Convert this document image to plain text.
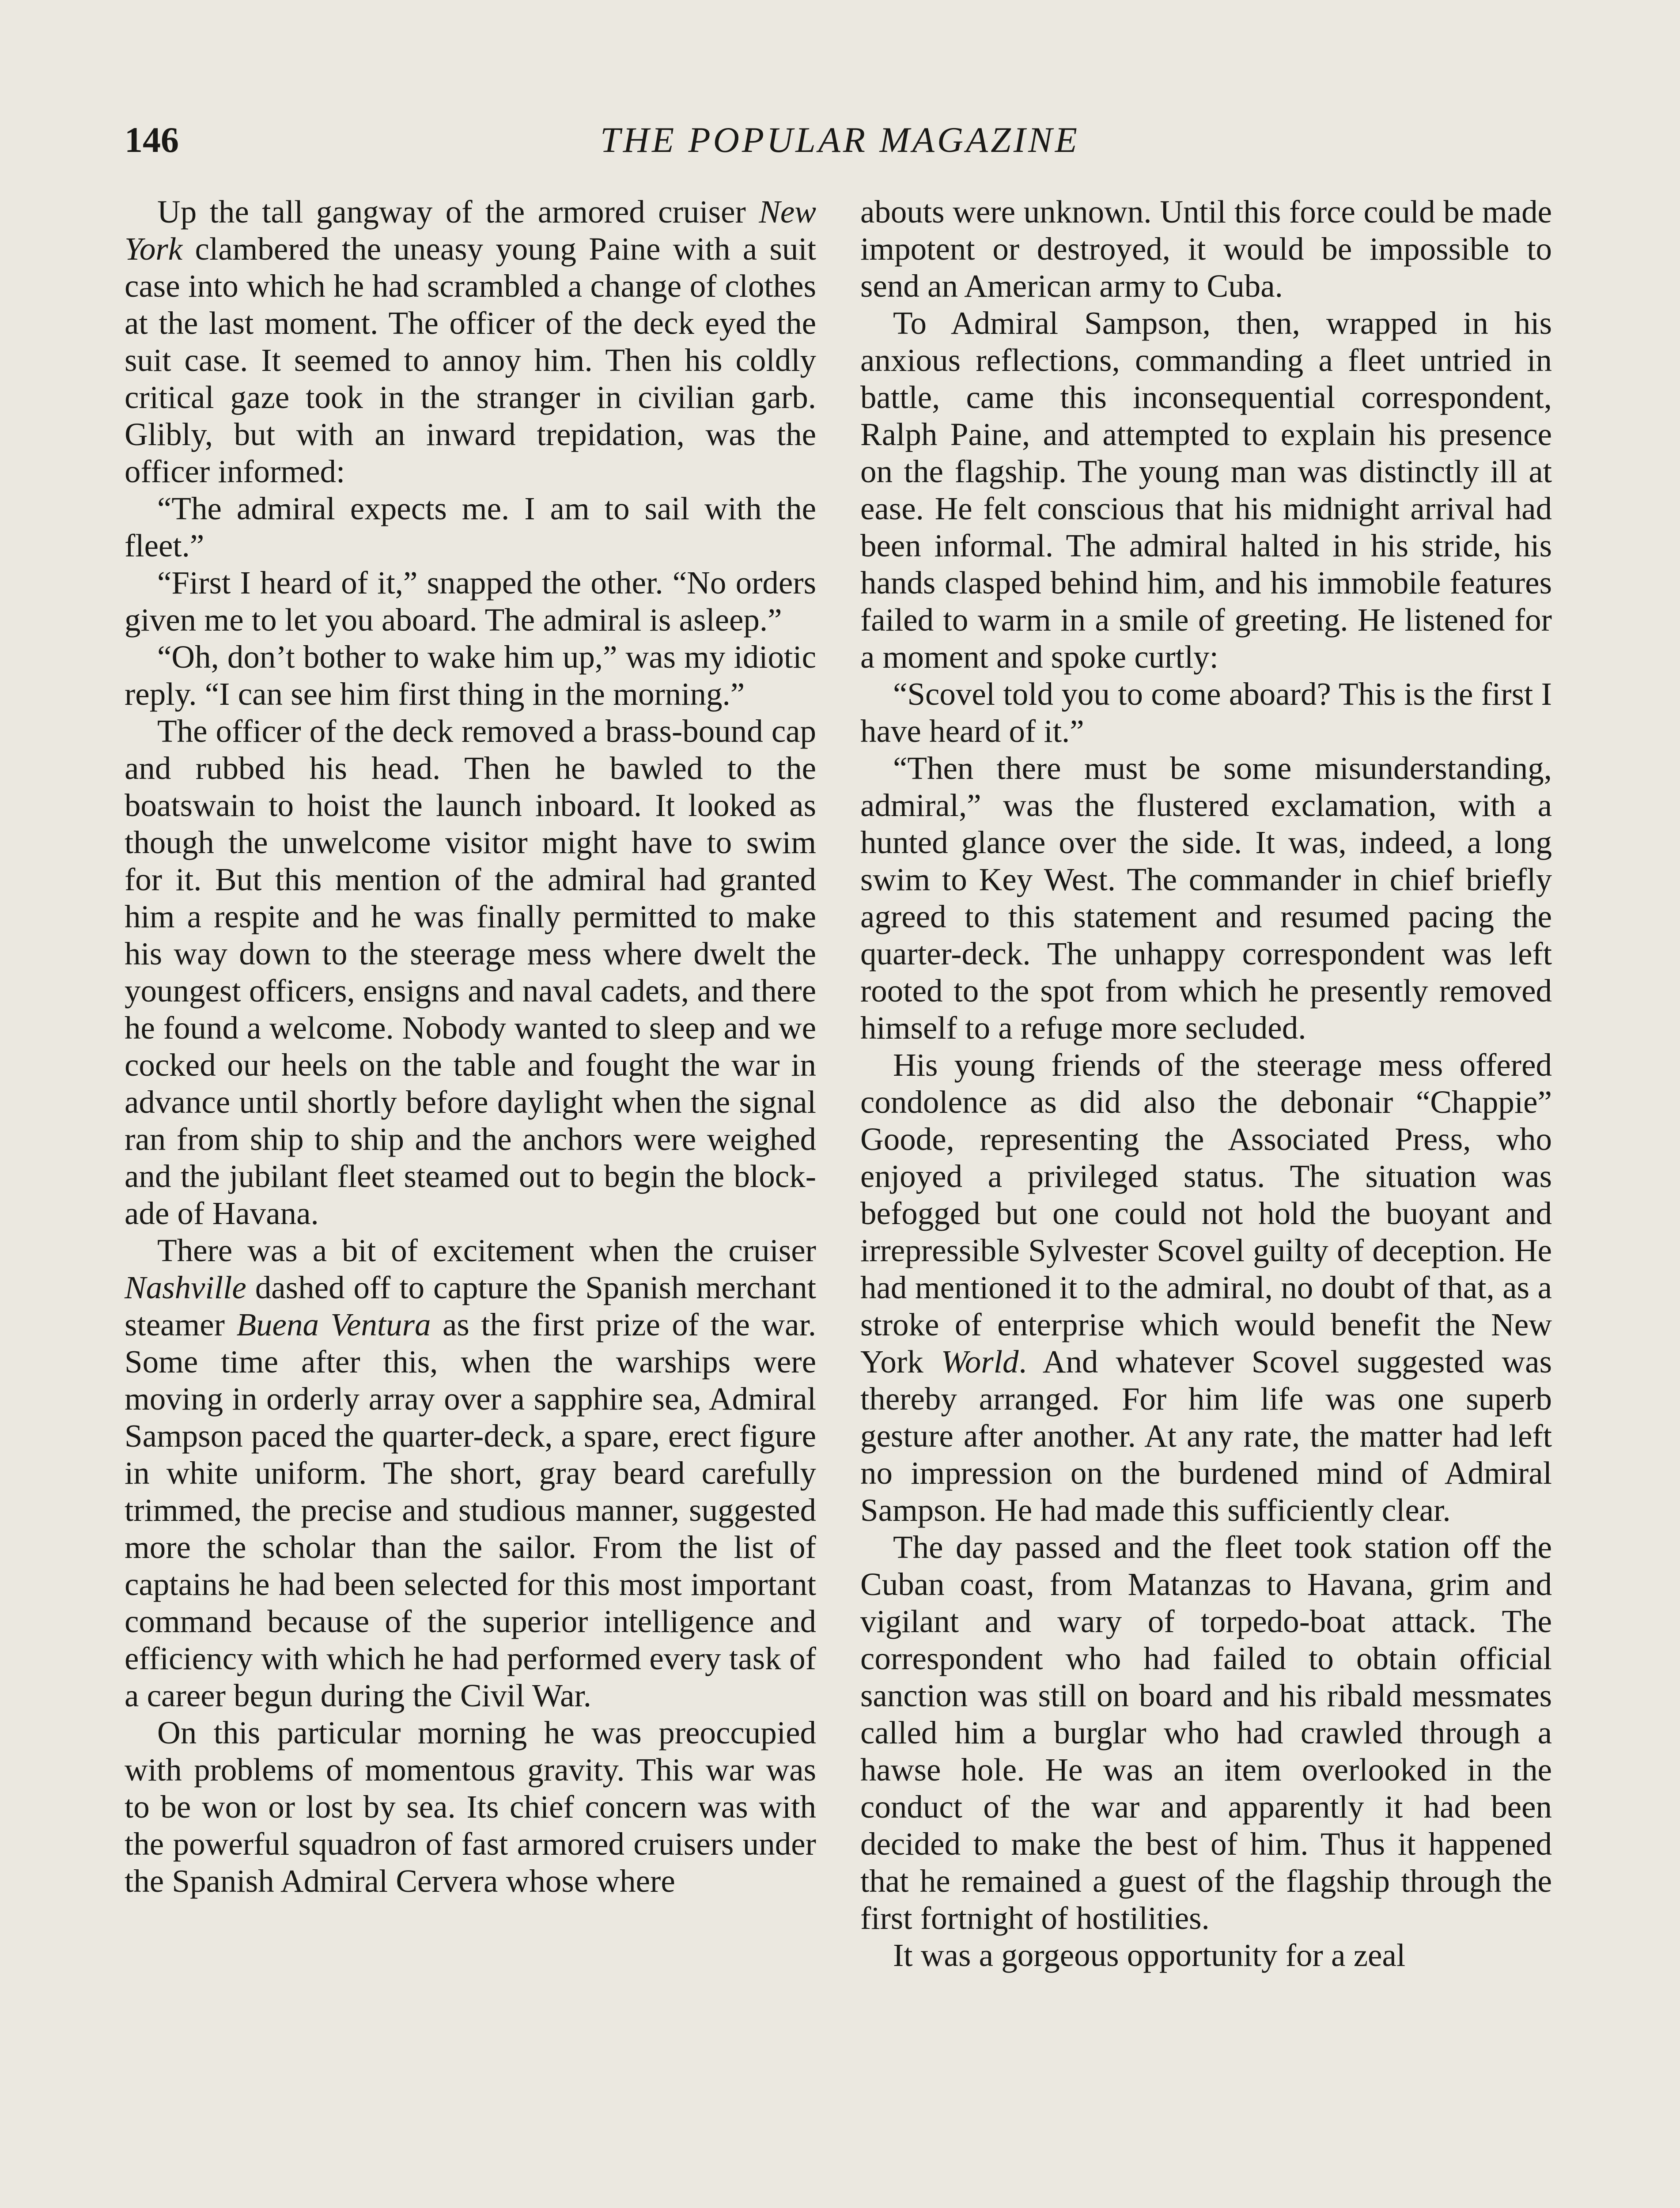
146	THE POPULAR MAGAZINE

Up the tall gangway of the armored cruiser New York clambered the uneasy young Paine with a suit case into which he had scrambled a change of clothes at the last moment. The officer of the deck eyed the suit case. It seemed to annoy him. Then his coldly critical gaze took in the stranger in civilian garb. Glibly, but with an inward trepidation, was the officer informed:

“The admiral expects me. I am to sail with the fleet.”

“First I heard of it,” snapped the other. “No orders given me to let you aboard. The admiral is asleep.”

“Oh, don’t bother to wake him up,” was my idiotic reply. “I can see him first thing in the morning.”

The officer of the deck removed a brass-bound cap and rubbed his head. Then he bawled to the boatswain to hoist the launch inboard. It looked as though the unwelcome visitor might have to swim for it. But this mention of the admiral had granted him a respite and he was finally permitted to make his way down to the steerage mess where dwelt the youngest officers, ensigns and naval cadets, and there he found a welcome. Nobody wanted to sleep and we cocked our heels on the table and fought the war in advance until shortly before daylight when the signal ran from ship to ship and the anchors were weighed and the jubilant fleet steamed out to begin the blockade of Havana.

There was a bit of excitement when the cruiser Nashville dashed off to capture the Spanish merchant steamer Buena Ventura as the first prize of the war. Some time after this, when the warships were moving in orderly array over a sapphire sea, Admiral Sampson paced the quarter-deck, a spare, erect figure in white uniform. The short, gray beard carefully trimmed, the precise and studious manner, suggested more the scholar than the sailor. From the list of captains he had been selected for this most important command because of the superior intelligence and efficiency with which he had performed every task of a career begun during the Civil War.

On this particular morning he was preoccupied with problems of momentous gravity. This war was to be won or lost by sea. Its chief concern was with the powerful squadron of fast armored cruisers under the Spanish Admiral Cervera whose where

abouts were unknown. Until this force could be made impotent or destroyed, it would be impossible to send an American army to Cuba.

To Admiral Sampson, then, wrapped in his anxious reflections, commanding a fleet untried in battle, came this inconsequential correspondent, Ralph Paine, and attempted to explain his presence on the flagship. The young man was distinctly ill at ease. He felt conscious that his midnight arrival had been informal. The admiral halted in his stride, his hands clasped behind him, and his immobile features failed to warm in a smile of greeting. He listened for a moment and spoke curtly:

“Scovel told you to come aboard? This is the first I have heard of it.”

“Then there must be some misunderstanding, admiral,” was the flustered exclamation, with a hunted glance over the side. It was, indeed, a long swim to Key West. The commander in chief briefly agreed to this statement and resumed pacing the quarter-deck. The unhappy correspondent was left rooted to the spot from which he presently removed himself to a refuge more secluded.

His young friends of the steerage mess offered condolence as did also the debonair “Chappie” Goode, representing the Associated Press, who enjoyed a privileged status. The situation was befogged but one could not hold the buoyant and irrepressible Sylvester Scovel guilty of deception. He had mentioned it to the admiral, no doubt of that, as a stroke of enterprise which would benefit the New York World. And whatever Scovel suggested was thereby arranged. For him life was one superb gesture after another. At any rate, the matter had left no impression on the burdened mind of Admiral Sampson. He had made this sufficiently clear.

The day passed and the fleet took station off the Cuban coast, from Matanzas to Havana, grim and vigilant and wary of torpedo-boat attack. The correspondent who had failed to obtain official sanction was still on board and his ribald messmates called him a burglar who had crawled through a hawse hole. He was an item overlooked in the conduct of the war and apparently it had been decided to make the best of him. Thus it happened that he remained a guest of the flagship through the first fortnight of hostilities.

It was a gorgeous opportunity for a zeal
